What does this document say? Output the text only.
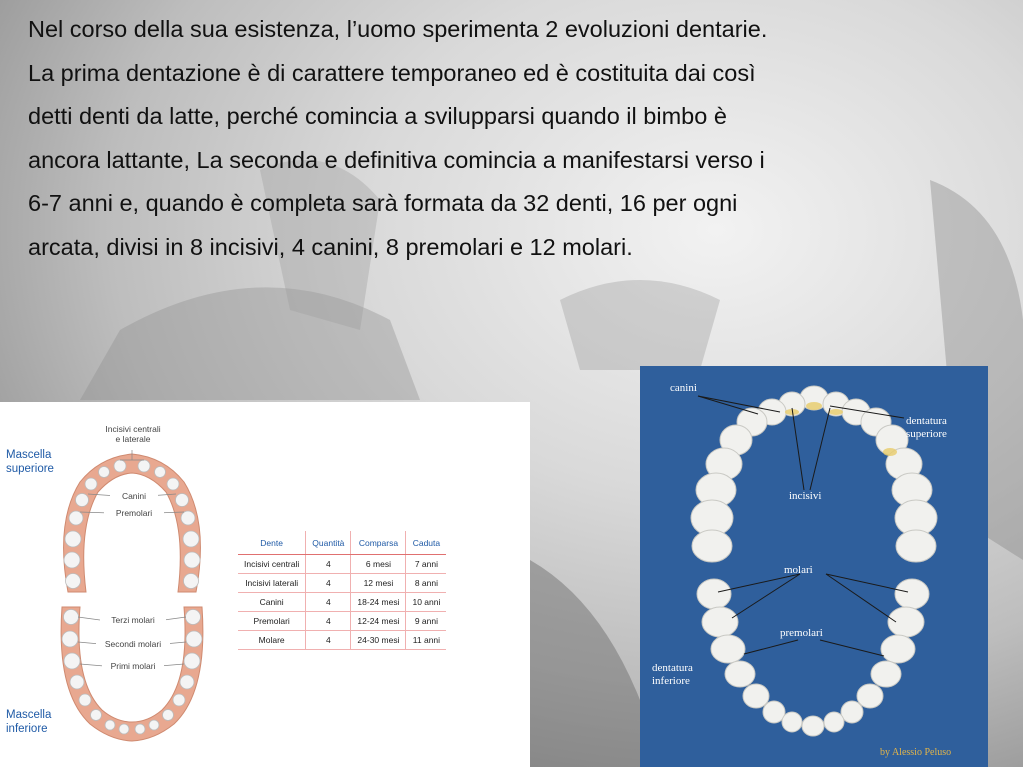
Nel corso della sua esistenza, l’uomo sperimenta 2 evoluzioni dentarie.
La prima dentazione è di carattere temporaneo ed è costituita dai così
detti denti da latte, perché comincia a svilupparsi quando il bimbo è
ancora lattante, La seconda e definitiva comincia a manifestarsi verso i
6-7 anni e, quando è completa sarà formata da 32 denti, 16 per ogni
arcata, divisi in 8 incisivi, 4 canini, 8 premolari e 12 molari.
Mascella
superiore
Mascella
inferiore
Incisivi centrali
e laterale
Canini
Premolari
Terzi molari
Secondi molari
Primi molari
Dente	Quantità	Comparsa	Caduta
Incisivi centrali	4	6 mesi	7 anni
Incisivi laterali	4	12 mesi	8 anni
Canini	4	18-24 mesi	10 anni
Premolari	4	12-24 mesi	9 anni
Molare	4	24-30 mesi	11 anni
canini
dentatura
superiore
incisivi
molari
premolari
dentatura
inferiore
by Alessio Peluso
